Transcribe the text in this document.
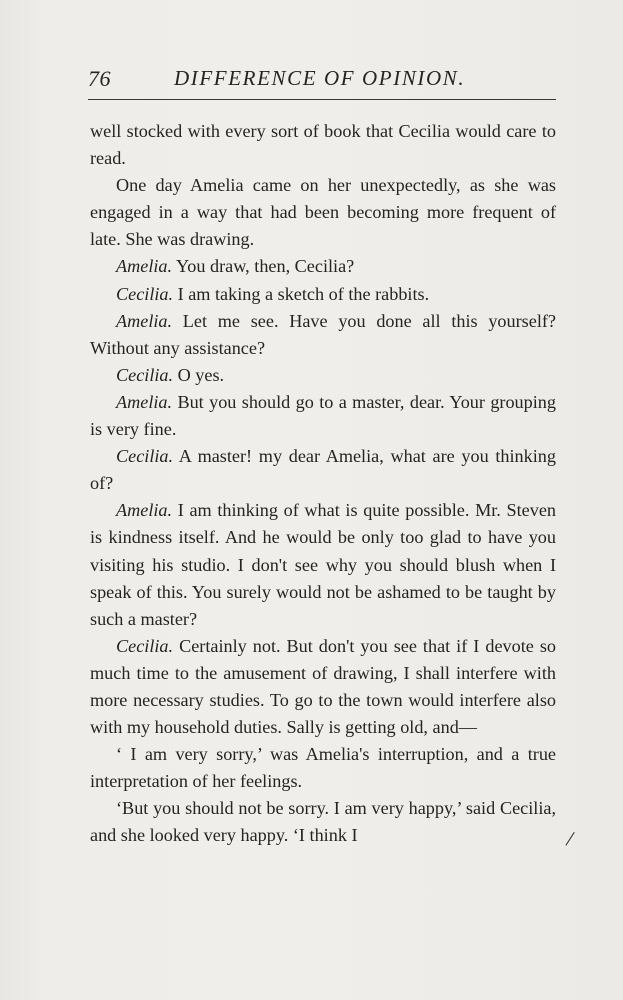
76	DIFFERENCE OF OPINION.

well stocked with every sort of book that Cecilia would care to read.

One day Amelia came on her unexpectedly, as she was engaged in a way that had been becoming more frequent of late. She was drawing.

Amelia. You draw, then, Cecilia?

Cecilia. I am taking a sketch of the rabbits.

Amelia. Let me see. Have you done all this yourself? Without any assistance?

Cecilia. O yes.

Amelia. But you should go to a master, dear. Your grouping is very fine.

Cecilia. A master! my dear Amelia, what are you thinking of?

Amelia. I am thinking of what is quite possible. Mr. Steven is kindness itself. And he would be only too glad to have you visiting his studio. I don't see why you should blush when I speak of this. You surely would not be ashamed to be taught by such a master?

Cecilia. Certainly not. But don't you see that if I devote so much time to the amusement of drawing, I shall interfere with more necessary studies. To go to the town would interfere also with my household duties. Sally is getting old, and—

‘ I am very sorry,’ was Amelia's interruption, and a true interpretation of her feelings.

‘But you should not be sorry. I am very happy,’ said Cecilia, and she looked very happy. ‘I think I	/
